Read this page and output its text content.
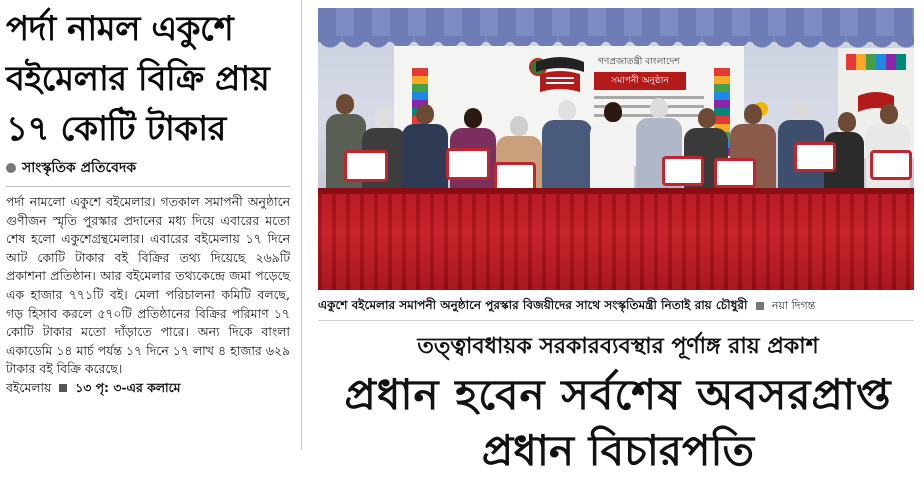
পর্দা নামল একুশে
বইমেলার বিক্রি প্রায়
১৭ কোটি টাকার
সাংস্কৃতিক প্রতিবেদক

পর্দা নামলো একুশে বইমেলার। গতকাল সমাপনী অনুষ্ঠানে গুণীজন স্মৃতি পুরস্কার প্রদানের মধ্য দিয়ে এবারের মতো শেষ হলো একুশেগ্রন্থমেলার। এবারের বইমেলায় ১৭ দিনে আট কোটি টাকার বই বিক্রির তথ্য দিয়েছে ২৬৯টি প্রকাশনা প্রতিষ্ঠান। আর বইমেলার তথ্যকেন্দ্রে জমা পড়েছে এক হাজার ৭৭১টি বই। মেলা পরিচালনা কমিটি বলছে, গড় হিসাব করলে ৫৭০টি প্রতিষ্ঠানের বিক্রির পরিমাণ ১৭ কোটি টাকার মতো দাঁড়াতে পারে। অন্য দিকে বাংলা একাডেমি ১৪ মার্চ পর্যন্ত ১৭ দিনে ১৭ লাখ ৪ হাজার ৬২৯ টাকার বই বিক্রি করেছে।

বইমেলায় ১৩ পৃ: ৩-এর কলামে

গণপ্রজাতন্ত্রী বাংলাদেশ
সমাপনী অনুষ্ঠান
একুশে বইমেলার সমাপনী অনুষ্ঠানে পুরস্কার বিজয়ীদের সাথে সংস্কৃতিমন্ত্রী নিতাই রায় চৌধুরী নয়া দিগন্ত
তত্ত্বাবধায়ক সরকারব্যবস্থার পূর্ণাঙ্গ রায় প্রকাশ
প্রধান হবেন সর্বশেষ অবসরপ্রাপ্ত
প্রধান বিচারপতি
